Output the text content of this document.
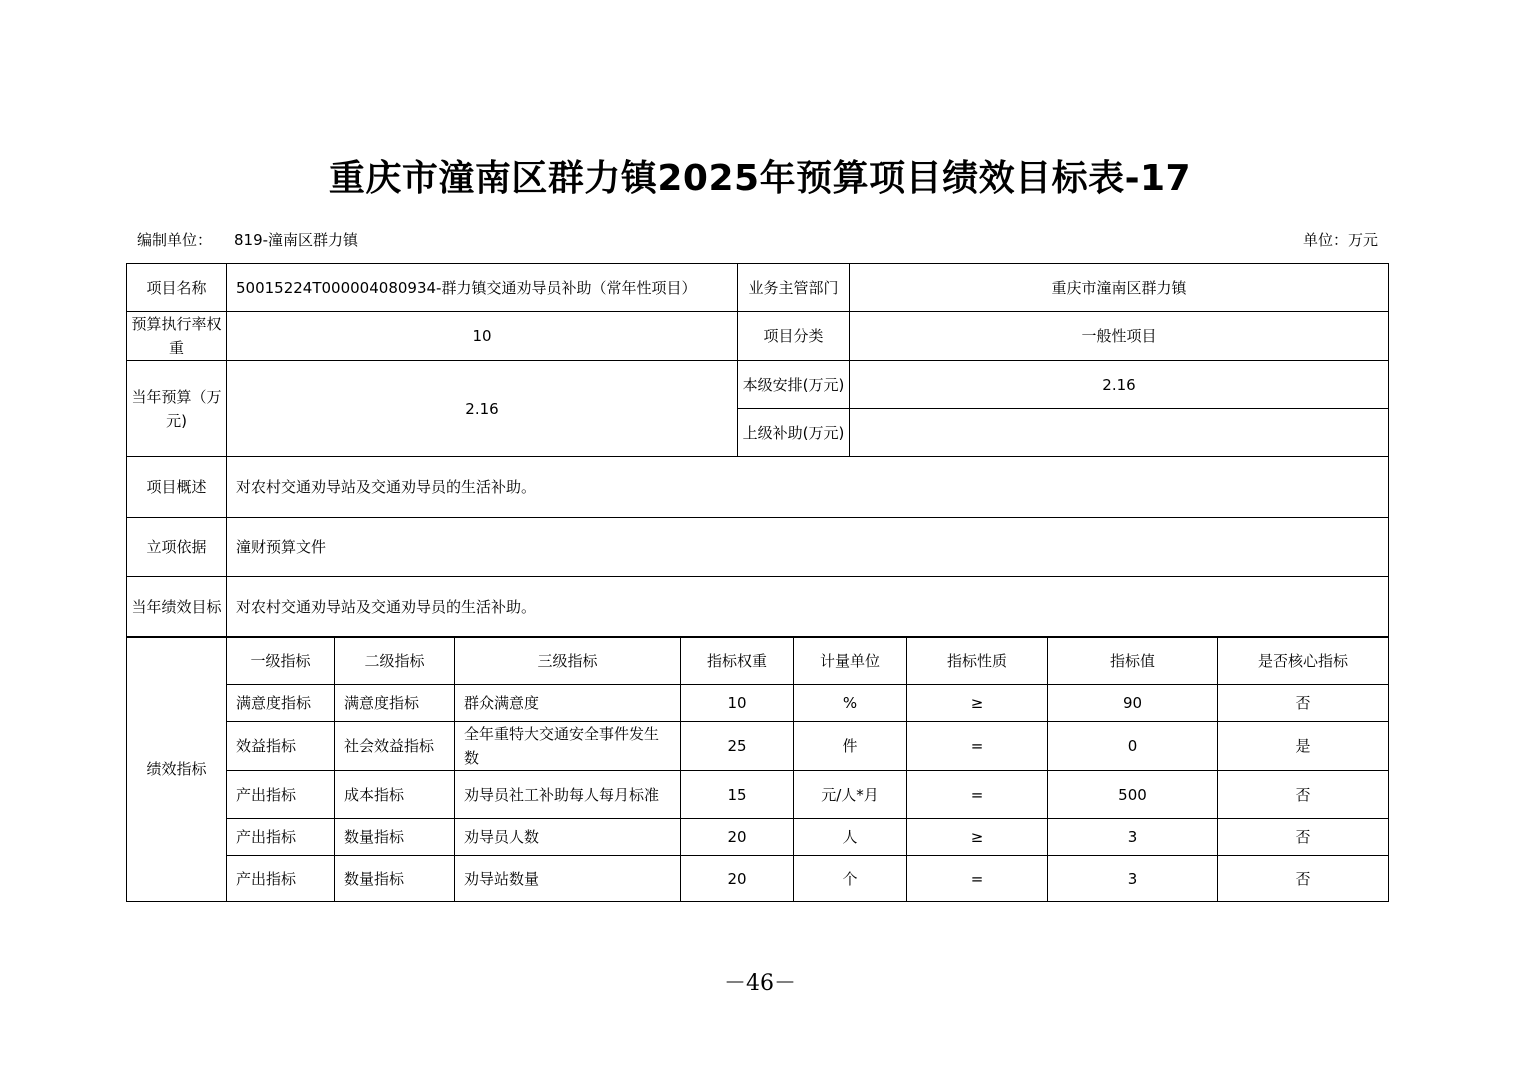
重庆市潼南区群力镇2025年预算项目绩效目标表-17
编制单位： 819-潼南区群力镇	单位：万元
项目名称	50015224T000004080934-群力镇交通劝导员补助（常年性项目）	业务主管部门	重庆市潼南区群力镇
预算执行率权重	10	项目分类	一般性项目
当年预算（万元)	2.16	本级安排(万元)	2.16
		上级补助(万元)	
项目概述	对农村交通劝导站及交通劝导员的生活补助。		
立项依据	潼财预算文件		
当年绩效目标	对农村交通劝导站及交通劝导员的生活补助。		
绩效指标	一级指标	二级指标	三级指标	指标权重	计量单位	指标性质	指标值	是否核心指标
	满意度指标	满意度指标	群众满意度	10	%	≥	90	否
	效益指标	社会效益指标	全年重特大交通安全事件发生数	25	件	=	0	是
	产出指标	成本指标	劝导员社工补助每人每月标准	15	元/人*月	=	500	否
	产出指标	数量指标	劝导员人数	20	人	≥	3	否
	产出指标	数量指标	劝导站数量	20	个	=	3	否
－46－
